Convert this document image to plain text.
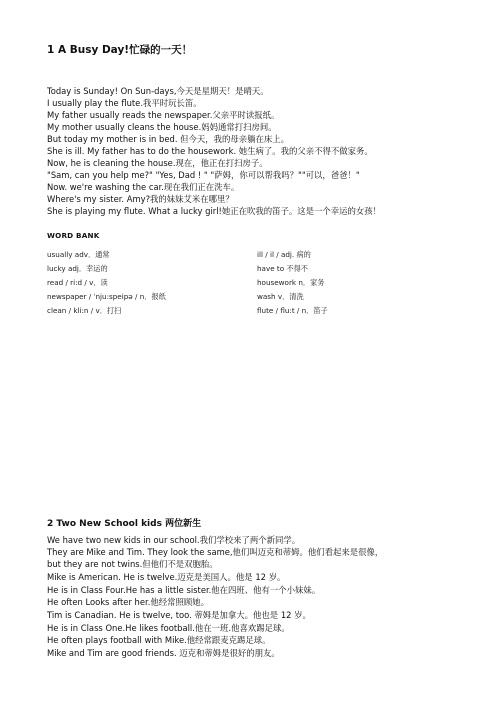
1 A Busy Day!忙碌的一天！
Today is Sunday! On Sun-days,今天是星期天！是晴天。
I usually play the flute.我平时玩长笛。
My father usually reads the newspaper.父亲平时读报纸。
My mother usually cleans the house.妈妈通常打扫房间。
But today my mother is in bed. 但今天，我的母亲躺在床上。
She is ill. My father has to do the housework. 她生病了。我的父亲不得不做家务。
Now, he is cleaning the house.现在，他正在打扫房子。
"Sam, can you help me?" "Yes, Dad ! " "萨姆，你可以帮我吗？""可以，爸爸！"
Now. we're washing the car.现在我们正在洗车。
Where's my sister. Amy?我的妹妹艾米在哪里？
She is playing my flute. What a lucky girl!她正在吹我的笛子。这是一个幸运的女孩！
WORD BANK
usually adv．通常
lucky adj．幸运的
read / ri:d / v．读
newspaper / ˈnju:speipə / n．报纸
clean / kli:n / v．打扫
ill / il / adj. 病的
have to 不得不
housework n．家务
wash v．清洗
flute / flu:t / n．笛子
2 Two New School kids 两位新生
We have two new kids in our school.我们学校来了两个新同学。
They are Mike and Tim. They look the same,他们叫迈克和蒂姆。他们看起来是很像，
but they are not twins.但他们不是双胞胎。
Mike is American. He is twelve.迈克是美国人。他是 12 岁。
He is in Class Four.He has a little sister.他在四班、他有一个小妹妹。
He often Looks after her.他经常照顾她。
Tim is Canadian. He is twelve, too. 蒂姆是加拿大。他也是 12 岁。
He is in Class One.He likes football.他在一班.他喜欢踢足球。
He often plays football with Mike.他经常跟麦克踢足球。
Mike and Tim are good friends. 迈克和蒂姆是很好的朋友。
